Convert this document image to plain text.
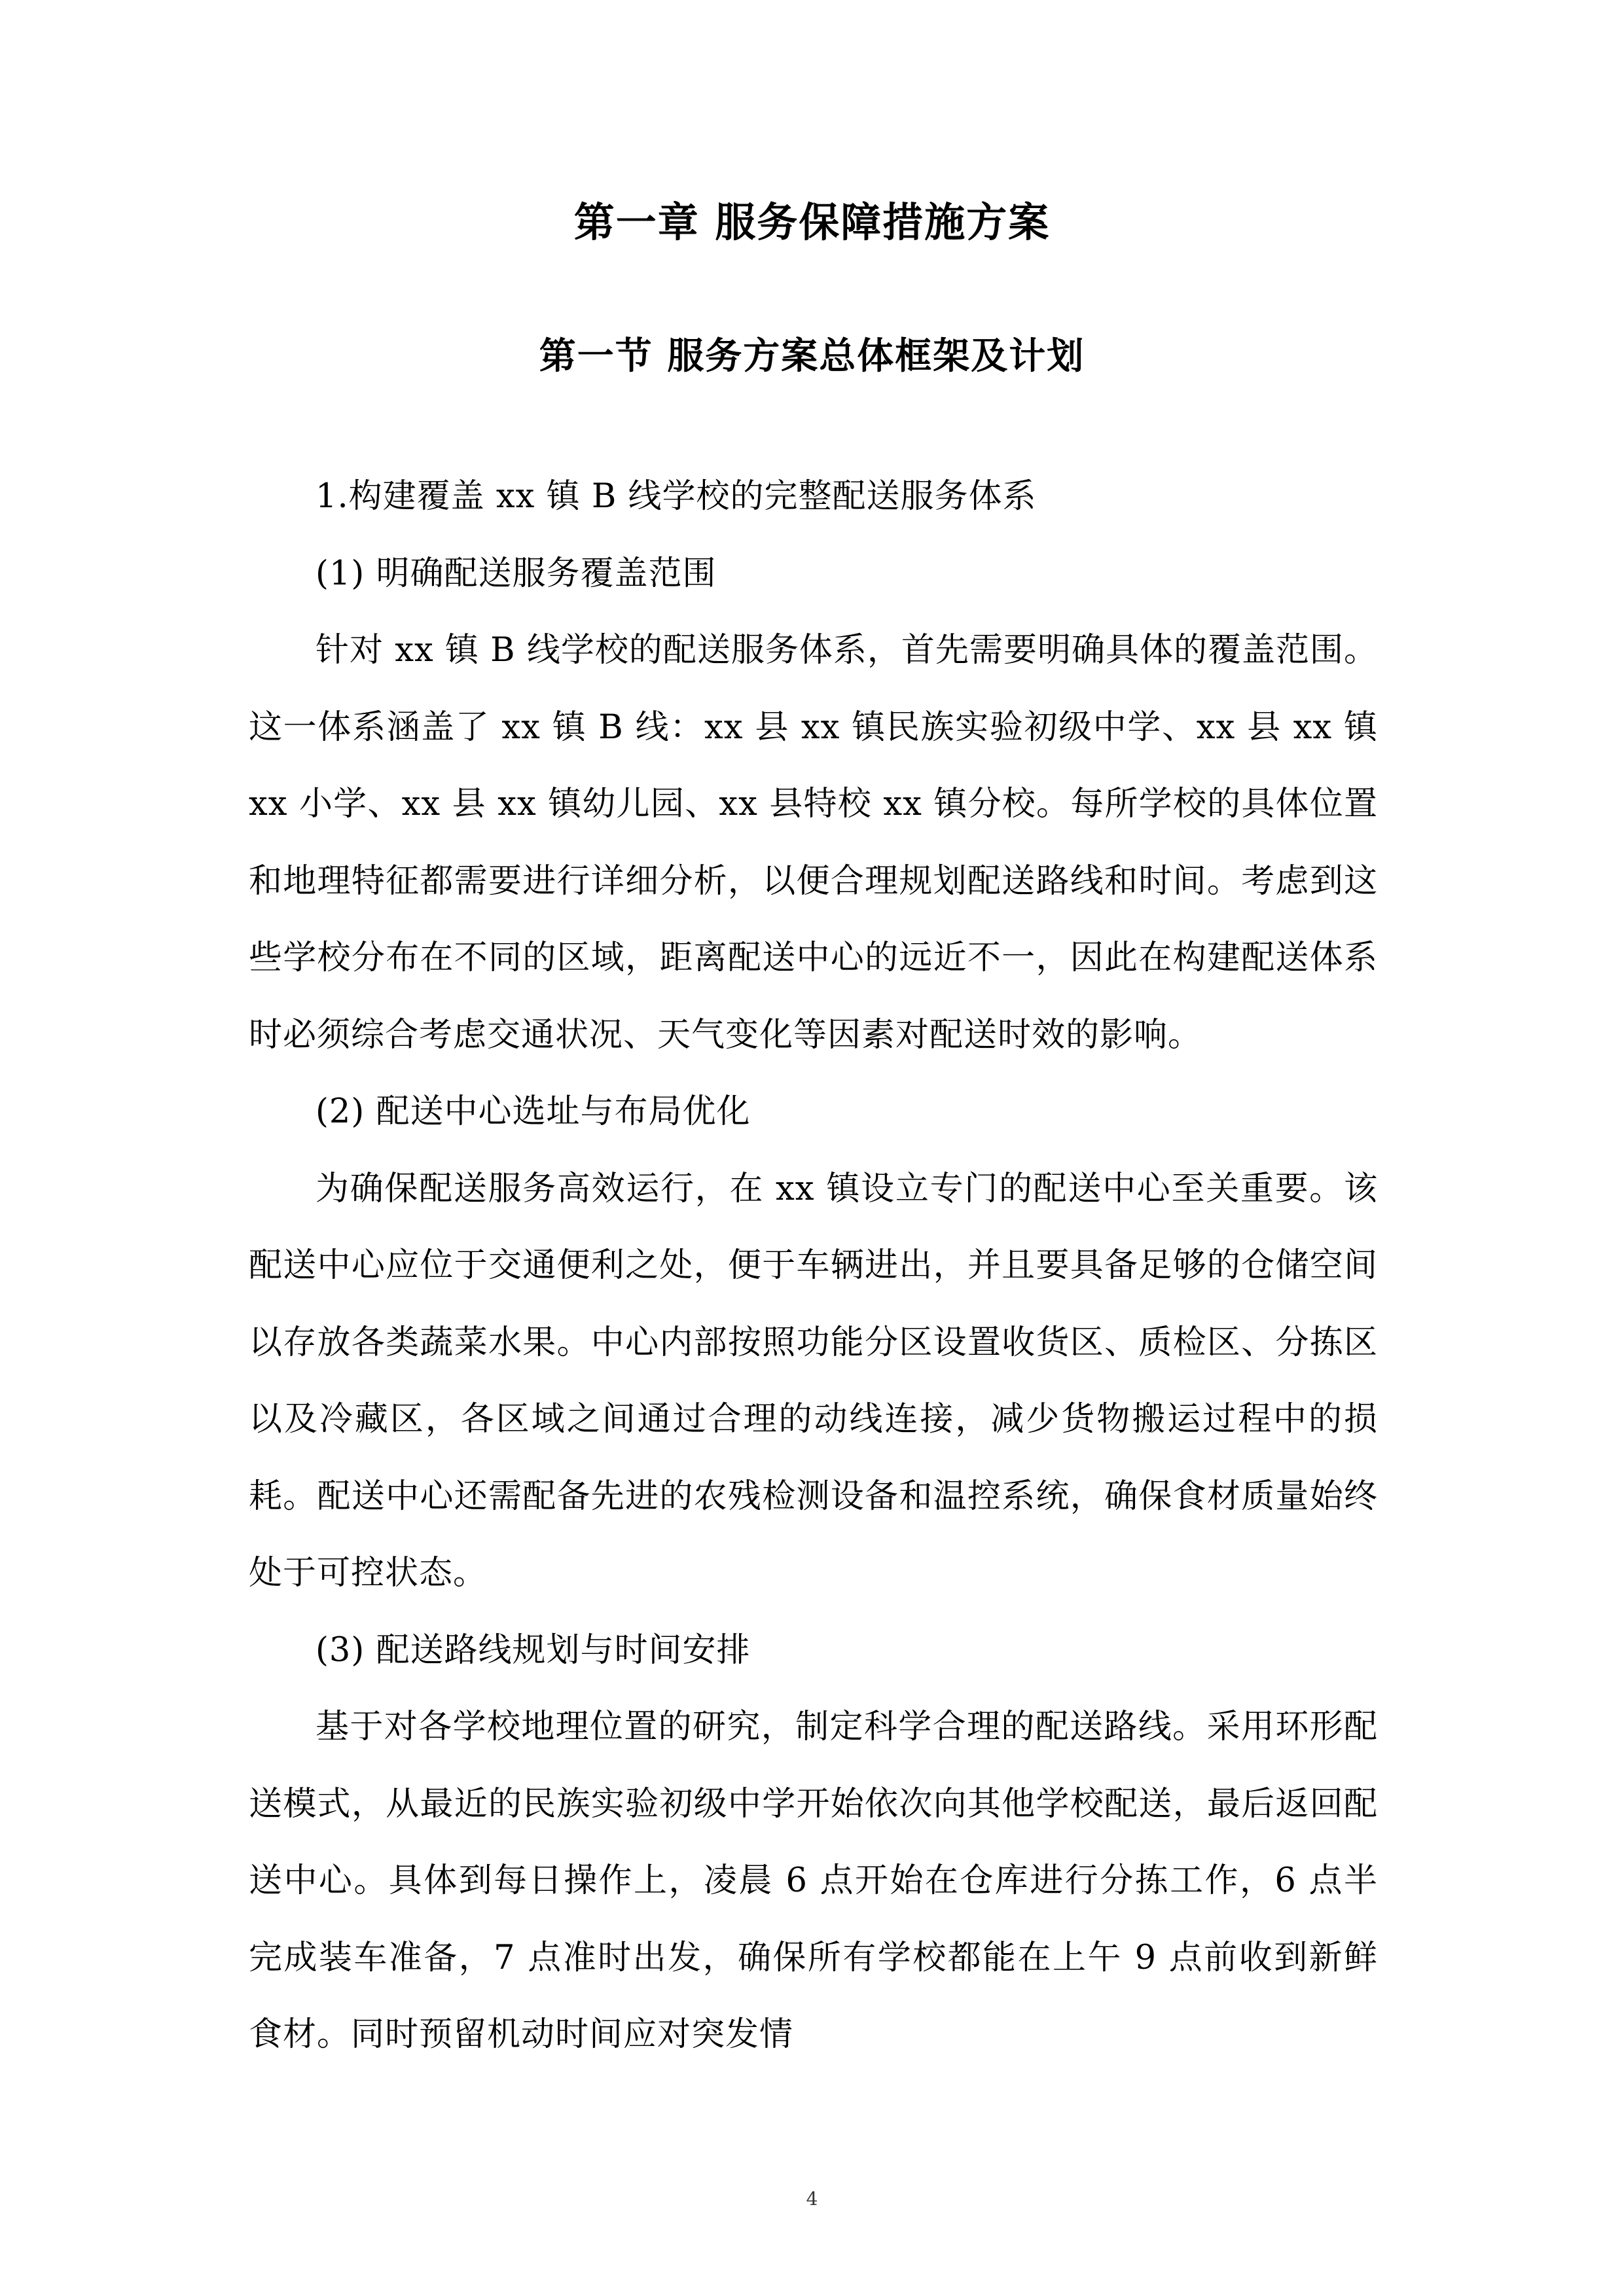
第一章 服务保障措施方案
第一节 服务方案总体框架及计划

1.构建覆盖 xx 镇 B 线学校的完整配送服务体系

(1) 明确配送服务覆盖范围

针对 xx 镇 B 线学校的配送服务体系，首先需要明确具体的覆盖范围。这一体系涵盖了 xx 镇 B 线：xx 县 xx 镇民族实验初级中学、xx 县 xx 镇 xx 小学、xx 县 xx 镇幼儿园、xx 县特校 xx 镇分校。每所学校的具体位置和地理特征都需要进行详细分析，以便合理规划配送路线和时间。考虑到这些学校分布在不同的区域，距离配送中心的远近不一，因此在构建配送体系时必须综合考虑交通状况、天气变化等因素对配送时效的影响。

(2) 配送中心选址与布局优化

为确保配送服务高效运行，在 xx 镇设立专门的配送中心至关重要。该配送中心应位于交通便利之处，便于车辆进出，并且要具备足够的仓储空间以存放各类蔬菜水果。中心内部按照功能分区设置收货区、质检区、分拣区以及冷藏区，各区域之间通过合理的动线连接，减少货物搬运过程中的损耗。配送中心还需配备先进的农残检测设备和温控系统，确保食材质量始终处于可控状态。

(3) 配送路线规划与时间安排

基于对各学校地理位置的研究，制定科学合理的配送路线。采用环形配送模式，从最近的民族实验初级中学开始依次向其他学校配送，最后返回配送中心。具体到每日操作上，凌晨 6 点开始在仓库进行分拣工作，6 点半完成装车准备，7 点准时出发，确保所有学校都能在上午 9 点前收到新鲜食材。同时预留机动时间应对突发情

4
